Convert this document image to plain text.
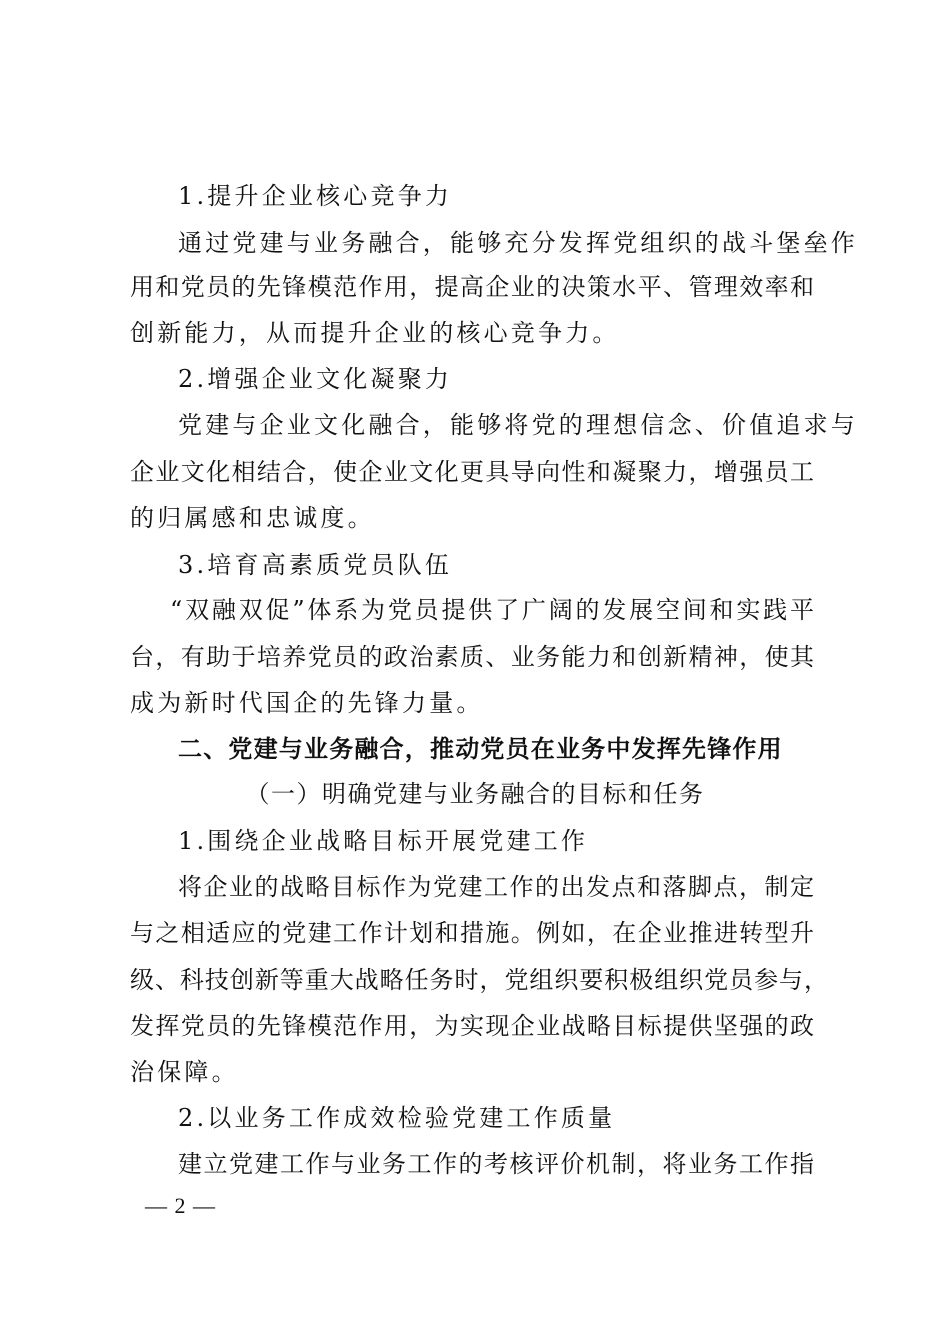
1.提升企业核心竞争力
通过党建与业务融合，能够充分发挥党组织的战斗堡垒作
用和党员的先锋模范作用，提高企业的决策水平、管理效率和
创新能力，从而提升企业的核心竞争力。
2.增强企业文化凝聚力
党建与企业文化融合，能够将党的理想信念、价值追求与
企业文化相结合，使企业文化更具导向性和凝聚力，增强员工
的归属感和忠诚度。
3.培育高素质党员队伍
“双融双促”体系为党员提供了广阔的发展空间和实践平
台，有助于培养党员的政治素质、业务能力和创新精神，使其
成为新时代国企的先锋力量。
二、党建与业务融合，推动党员在业务中发挥先锋作用
（一）明确党建与业务融合的目标和任务
1.围绕企业战略目标开展党建工作
将企业的战略目标作为党建工作的出发点和落脚点，制定
与之相适应的党建工作计划和措施。例如，在企业推进转型升
级、科技创新等重大战略任务时，党组织要积极组织党员参与，
发挥党员的先锋模范作用，为实现企业战略目标提供坚强的政
治保障。
2.以业务工作成效检验党建工作质量
建立党建工作与业务工作的考核评价机制，将业务工作指
— 2 —
